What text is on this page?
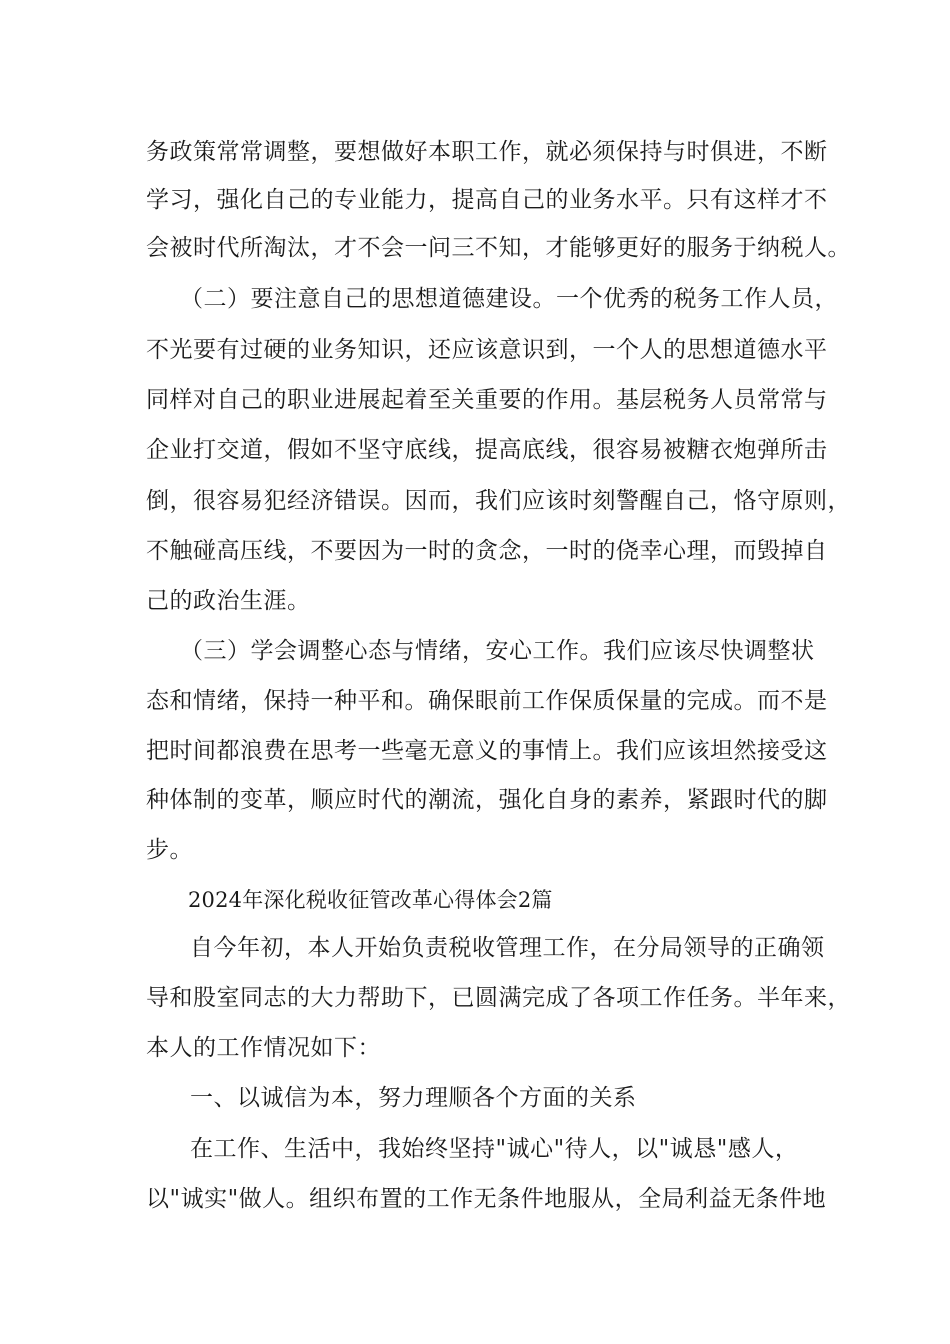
务政策常常调整，要想做好本职工作，就必须保持与时俱进，不断
学习，强化自己的专业能力，提高自己的业务水平。只有这样才不
会被时代所淘汰，才不会一问三不知，才能够更好的服务于纳税人。
（二）要注意自己的思想道德建设。一个优秀的税务工作人员，
不光要有过硬的业务知识，还应该意识到，一个人的思想道德水平
同样对自己的职业进展起着至关重要的作用。基层税务人员常常与
企业打交道，假如不坚守底线，提高底线，很容易被糖衣炮弹所击
倒，很容易犯经济错误。因而，我们应该时刻警醒自己，恪守原则，
不触碰高压线，不要因为一时的贪念，一时的侥幸心理，而毁掉自
己的政治生涯。
（三）学会调整心态与情绪，安心工作。我们应该尽快调整状
态和情绪，保持一种平和。确保眼前工作保质保量的完成。而不是
把时间都浪费在思考一些毫无意义的事情上。我们应该坦然接受这
种体制的变革，顺应时代的潮流，强化自身的素养，紧跟时代的脚
步。
2024年深化税收征管改革心得体会2篇
自今年初，本人开始负责税收管理工作，在分局领导的正确领
导和股室同志的大力帮助下，已圆满完成了各项工作任务。半年来，
本人的工作情况如下：
一、以诚信为本，努力理顺各个方面的关系
在工作、生活中，我始终坚持"诚心"待人，以"诚恳"感人，
以"诚实"做人。组织布置的工作无条件地服从，全局利益无条件地
